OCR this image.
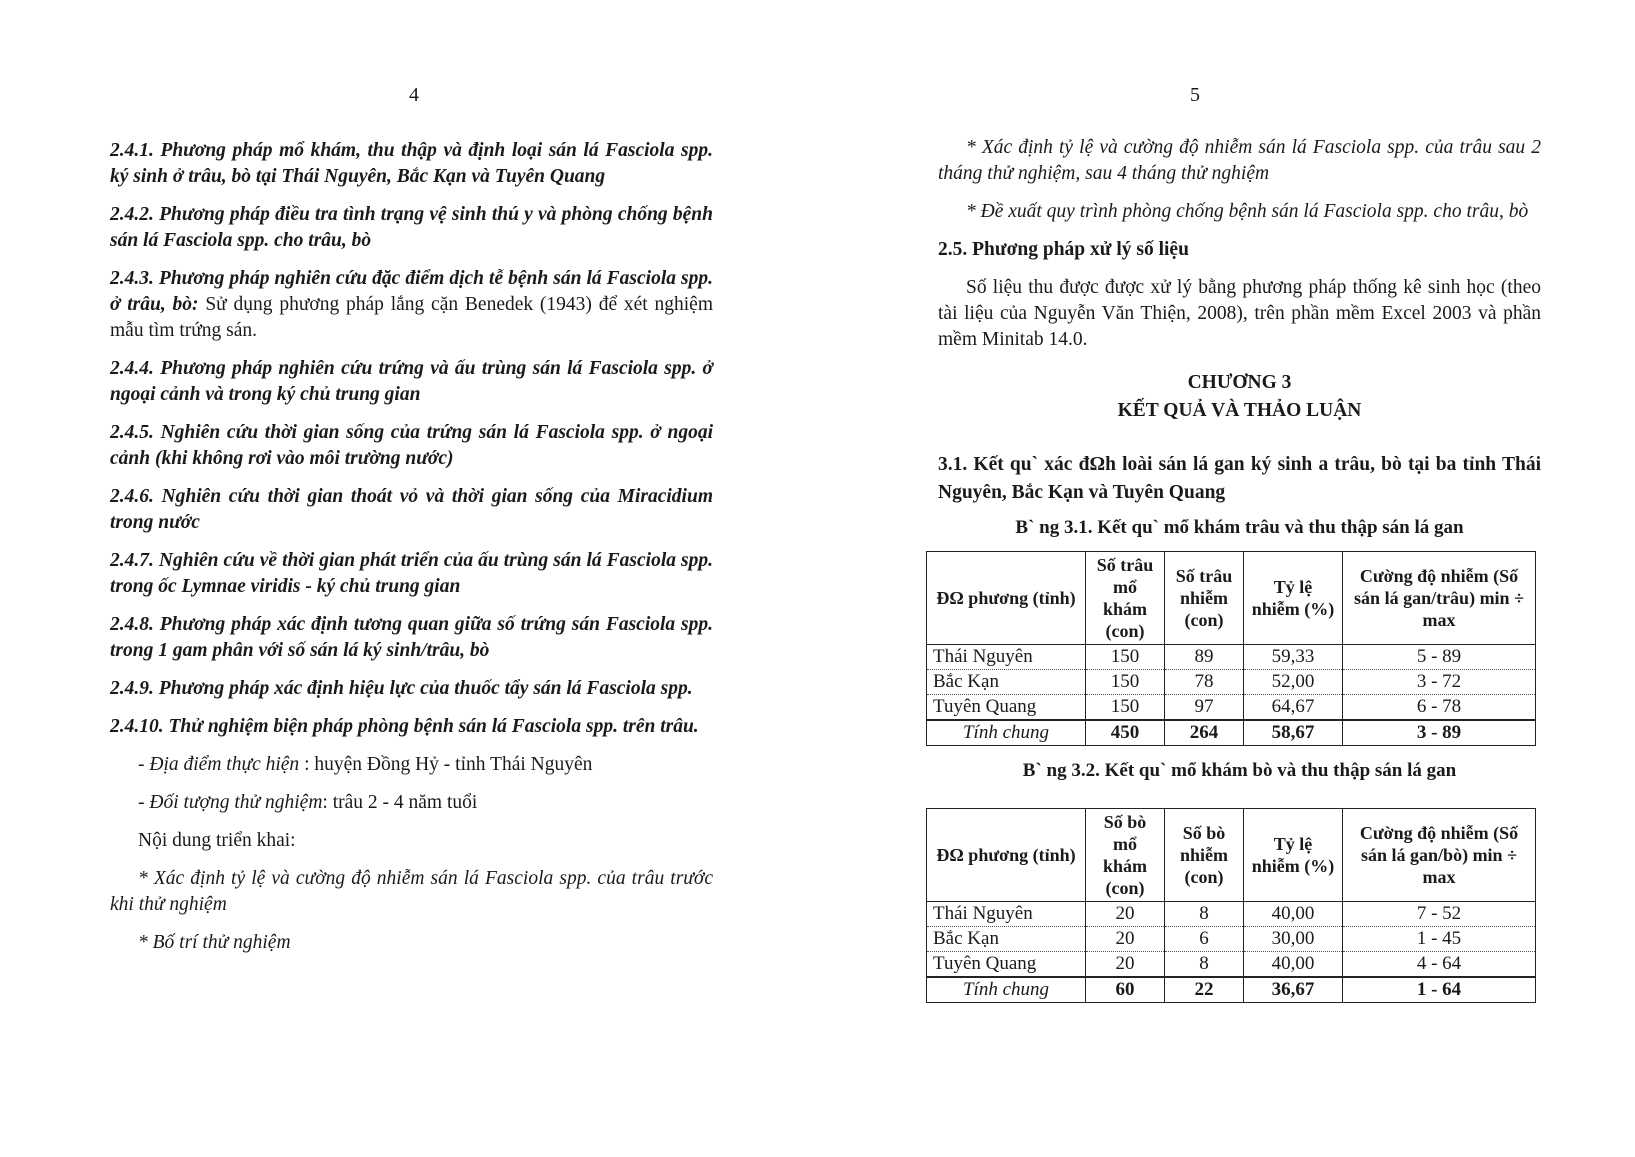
4

2.4.1. Phương pháp mổ khám, thu thập và định loại sán lá Fasciola spp. ký sinh ở trâu, bò tại Thái Nguyên, Bắc Kạn và Tuyên Quang

2.4.2. Phương pháp điều tra tình trạng vệ sinh thú y và phòng chống bệnh sán lá Fasciola spp. cho trâu, bò

2.4.3. Phương pháp nghiên cứu đặc điểm dịch tễ bệnh sán lá Fasciola spp. ở trâu, bò: Sử dụng phương pháp lắng cặn Benedek (1943) để xét nghiệm mẫu tìm trứng sán.

2.4.4. Phương pháp nghiên cứu trứng và ấu trùng sán lá Fasciola spp. ở ngoại cảnh và trong ký chủ trung gian

2.4.5. Nghiên cứu thời gian sống của trứng sán lá Fasciola spp. ở ngoại cảnh (khi không rơi vào môi trường nước)

2.4.6. Nghiên cứu thời gian thoát vỏ và thời gian sống của Miracidium trong nước

2.4.7. Nghiên cứu về thời gian phát triển của ấu trùng sán lá Fasciola spp. trong ốc Lymnae viridis - ký chủ trung gian

2.4.8. Phương pháp xác định tương quan giữa số trứng sán Fasciola spp. trong 1 gam phân với số sán lá ký sinh/trâu, bò

2.4.9. Phương pháp xác định hiệu lực của thuốc tẩy sán lá Fasciola spp.

2.4.10. Thử nghiệm biện pháp phòng bệnh sán lá Fasciola spp. trên trâu.

- Địa điểm thực hiện : huyện Đồng Hỷ - tỉnh Thái Nguyên

- Đối tượng thử nghiệm: trâu 2 - 4 năm tuổi

Nội dung triển khai:

* Xác định tỷ lệ và cường độ nhiễm sán lá Fasciola spp. của trâu trước khi thử nghiệm

* Bố trí thử nghiệm

5

* Xác định tỷ lệ và cường độ nhiễm sán lá Fasciola spp. của trâu sau 2 tháng thử nghiệm, sau 4 tháng thử nghiệm

* Đề xuất quy trình phòng chống bệnh sán lá Fasciola spp. cho trâu, bò

2.5. Phương pháp xử lý số liệu

Số liệu thu được được xử lý bằng phương pháp thống kê sinh học (theo tài liệu của Nguyễn Văn Thiện, 2008), trên phần mềm Excel 2003 và phần mềm Minitab 14.0.

CHƯƠNG 3
KẾT QUẢ VÀ THẢO LUẬN

3.1. Kết qu` xác đΩh loài sán lá gan ký sinh a trâu, bò tại ba tỉnh Thái Nguyên, Bắc Kạn và Tuyên Quang

B` ng 3.1. Kết qu` mổ khám trâu và thu thập sán lá gan
ĐΩ phương (tỉnh)	Số trâu mổ khám (con)	Số trâu nhiễm (con)	Tỷ lệ nhiễm (%)	Cường độ nhiễm (Số sán lá gan/trâu) min ÷ max
Thái Nguyên	150	89	59,33	5 - 89
Bắc Kạn	150	78	52,00	3 - 72
Tuyên Quang	150	97	64,67	6 - 78
Tính chung	450	264	58,67	3 - 89
B` ng 3.2. Kết qu` mổ khám bò và thu thập sán lá gan
ĐΩ phương (tỉnh)	Số bò mổ khám (con)	Số bò nhiễm (con)	Tỷ lệ nhiễm (%)	Cường độ nhiễm (Số sán lá gan/bò) min ÷ max
Thái Nguyên	20	8	40,00	7 - 52
Bắc Kạn	20	6	30,00	1 - 45
Tuyên Quang	20	8	40,00	4 - 64
Tính chung	60	22	36,67	1 - 64
